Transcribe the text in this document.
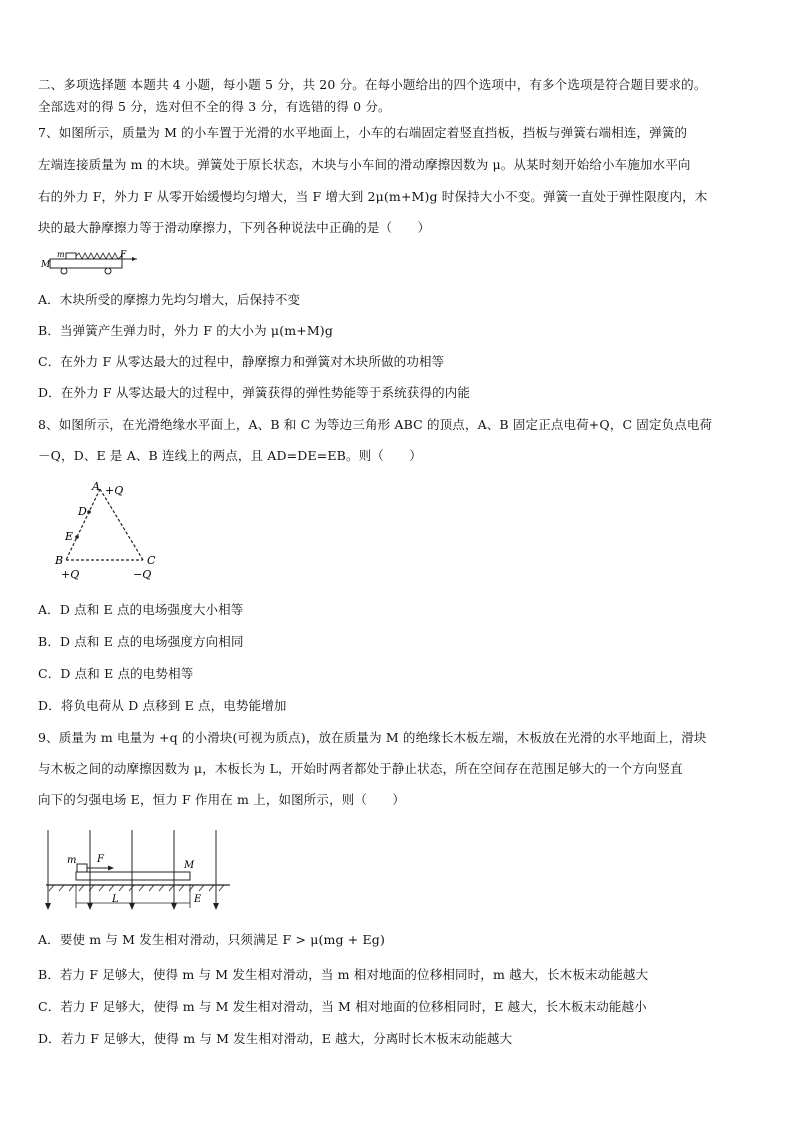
二、多项选择题 本题共 4 小题，每小题 5 分，共 20 分。在每小题给出的四个选项中，有多个选项是符合题目要求的。
全部选对的得 5 分，选对但不全的得 3 分，有选错的得 0 分。
7、如图所示，质量为 M 的小车置于光滑的水平地面上，小车的右端固定着竖直挡板，挡板与弹簧右端相连，弹簧的
左端连接质量为 m 的木块。弹簧处于原长状态，木块与小车间的滑动摩擦因数为 μ。从某时刻开始给小车施加水平向
右的外力 F，外力 F 从零开始缓慢均匀增大，当 F 增大到 2μ(m+M)g 时保持大小不变。弹簧一直处于弹性限度内，木
块的最大静摩擦力等于滑动摩擦力，下列各种说法中正确的是（　　）
M
m	F
A．木块所受的摩擦力先均匀增大，后保持不变
B．当弹簧产生弹力时，外力 F 的大小为 μ(m+M)g
C．在外力 F 从零达最大的过程中，静摩擦力和弹簧对木块所做的功相等
D．在外力 F 从零达最大的过程中，弹簧获得的弹性势能等于系统获得的内能
8、如图所示，在光滑绝缘水平面上，A、B 和 C 为等边三角形 ABC 的顶点，A、B 固定正点电荷+Q，C 固定负点电荷
－Q，D、E 是 A、B 连线上的两点，且 AD=DE=EB。则（　　）
A +Q
D
E
B	C
+Q	−Q
A．D 点和 E 点的电场强度大小相等
B．D 点和 E 点的电场强度方向相同
C．D 点和 E 点的电势相等
D．将负电荷从 D 点移到 E 点，电势能增加
9、质量为 m 电量为 +q 的小滑块(可视为质点)，放在质量为 M 的绝缘长木板左端，木板放在光滑的水平地面上，滑块
与木板之间的动摩擦因数为 μ，木板长为 L，开始时两者都处于静止状态，所在空间存在范围足够大的一个方向竖直
向下的匀强电场 E，恒力 F 作用在 m 上，如图所示，则（　　）
m F
M
L	E
A．要使 m 与 M 发生相对滑动，只须满足 F > μ(mg + Eg)
B．若力 F 足够大，使得 m 与 M 发生相对滑动，当 m 相对地面的位移相同时，m 越大，长木板末动能越大
C．若力 F 足够大，使得 m 与 M 发生相对滑动，当 M 相对地面的位移相同时，E 越大，长木板末动能越小
D．若力 F 足够大，使得 m 与 M 发生相对滑动，E 越大，分离时长木板末动能越大
